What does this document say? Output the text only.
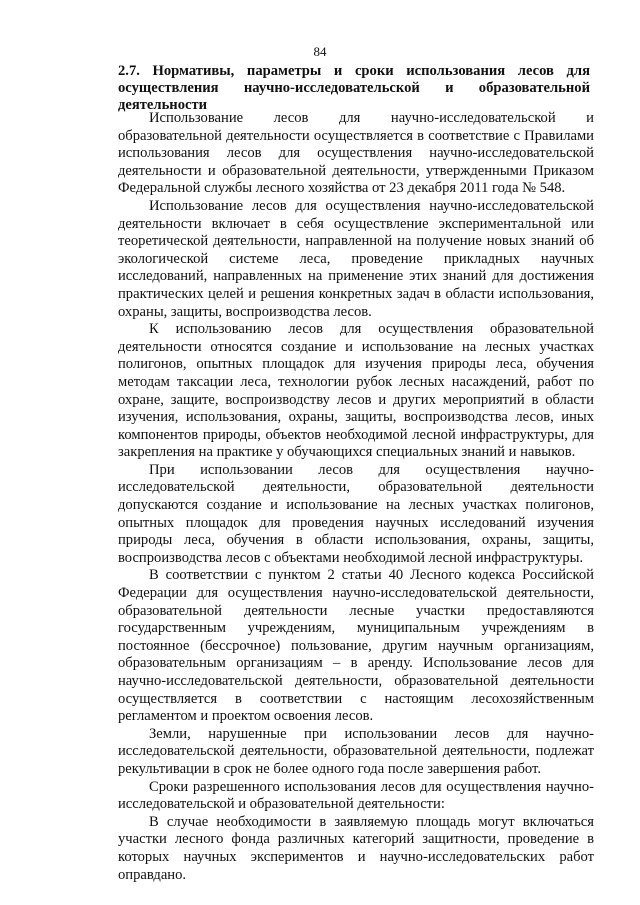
84
2.7. Нормативы, параметры и сроки использования лесов для осуществления научно-исследовательской и образовательной деятельности

Использование лесов для научно-исследовательской и образовательной деятельности осуществляется в соответствие с Правилами использования лесов для осуществления научно-исследовательской деятельности и образовательной деятельности, утвержденными Приказом Федеральной службы лесного хозяйства от 23 декабря 2011 года № 548.

Использование лесов для осуществления научно-исследовательской деятельности включает в себя осуществление экспериментальной или теоретической деятельности, направленной на получение новых знаний об экологической системе леса, проведение прикладных научных исследований, направленных на применение этих знаний для достижения практических целей и решения конкретных задач в области использования, охраны, защиты, воспроизводства лесов.

К использованию лесов для осуществления образовательной деятельности относятся создание и использование на лесных участках полигонов, опытных площадок для изучения природы леса, обучения методам таксации леса, технологии рубок лесных насаждений, работ по охране, защите, воспроизводству лесов и других мероприятий в области изучения, использования, охраны, защиты, воспроизводства лесов, иных компонентов природы, объектов необходимой лесной инфраструктуры, для закрепления на практике у обучающихся специальных знаний и навыков.

При использовании лесов для осуществления научно-исследовательской деятельности, образовательной деятельности допускаются создание и использование на лесных участках полигонов, опытных площадок для проведения научных исследований изучения природы леса, обучения в области использования, охраны, защиты, воспроизводства лесов с объектами необходимой лесной инфраструктуры.

В соответствии с пунктом 2 статьи 40 Лесного кодекса Российской Федерации для осуществления научно-исследовательской деятельности, образовательной деятельности лесные участки предоставляются государственным учреждениям, муниципальным учреждениям в постоянное (бессрочное) пользование, другим научным организациям, образовательным организациям – в аренду. Использование лесов для научно-исследовательской деятельности, образовательной деятельности осуществляется в соответствии с настоящим лесохозяйственным регламентом и проектом освоения лесов.

Земли, нарушенные при использовании лесов для научно-исследовательской деятельности, образовательной деятельности, подлежат рекультивации в срок не более одного года после завершения работ.

Сроки разрешенного использования лесов для осуществления научно-исследовательской и образовательной деятельности:

В случае необходимости в заявляемую площадь могут включаться участки лесного фонда различных категорий защитности, проведение в которых научных экспериментов и научно-исследовательских работ оправдано.
